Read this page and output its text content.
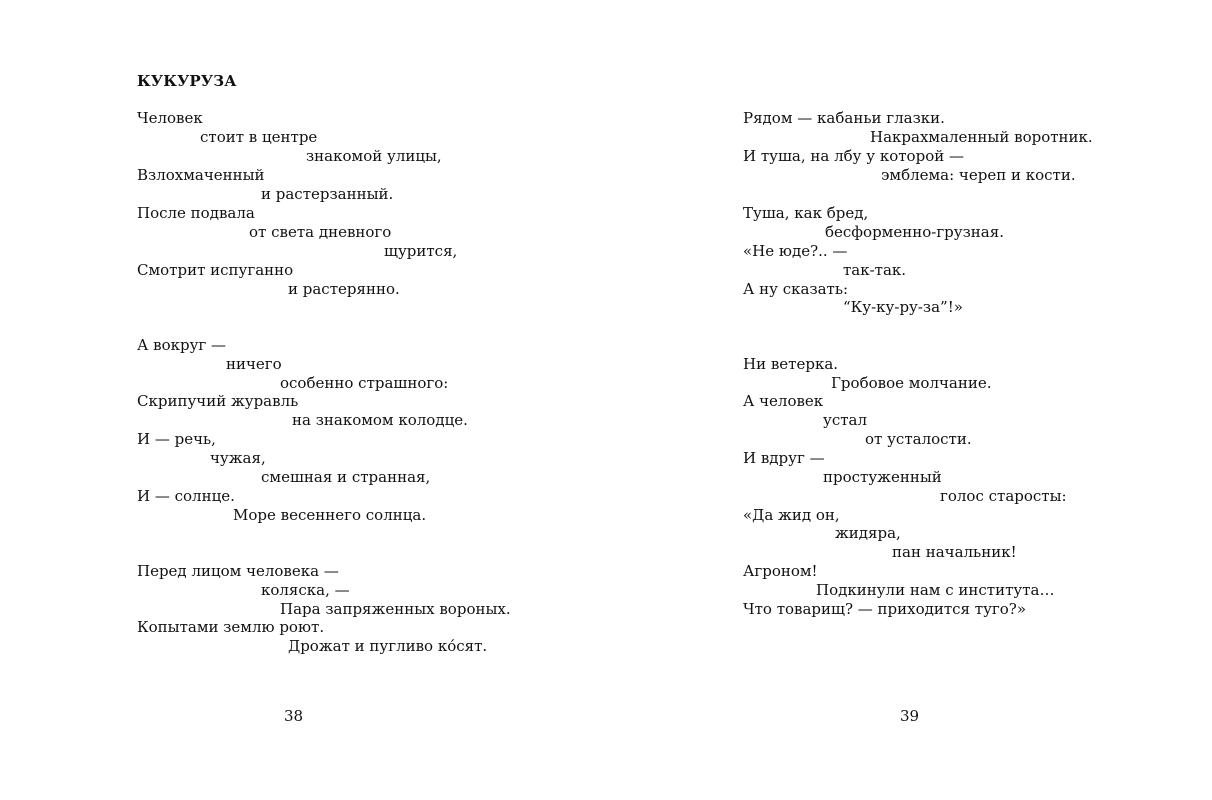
КУКУРУЗА
Человек
стоит в центре
знакомой улицы,
Взлохмаченный
и растерзанный.
После подвала
от света дневного
щурится,
Смотрит испуганно
и растерянно.
А вокруг —
ничего
особенно страшного:
Скрипучий журавль
на знакомом колодце.
И — речь,
чужая,
смешная и странная,
И — солнце.
Море весеннего солнца.
Перед лицом человека —
коляска, —
Пара запряженных вороных.
Копытами землю роют.
Дрожат и пугливо ко́сят.
38
Рядом — кабаньи глазки.
Накрахмаленный воротник.
И туша, на лбу у которой —
эмблема: череп и кости.
Туша, как бред,
бесформенно-грузная.
«Не юде?.. —
так-так.
А ну сказать:
“Ку-ку-ру-за”!»
Ни ветерка.
Гробовое молчание.
А человек
устал
от усталости.
И вдруг —
простуженный
голос старосты:
«Да жид он,
жидяра,
пан начальник!
Агроном!
Подкинули нам с института…
Что товарищ? — приходится туго?»
39
